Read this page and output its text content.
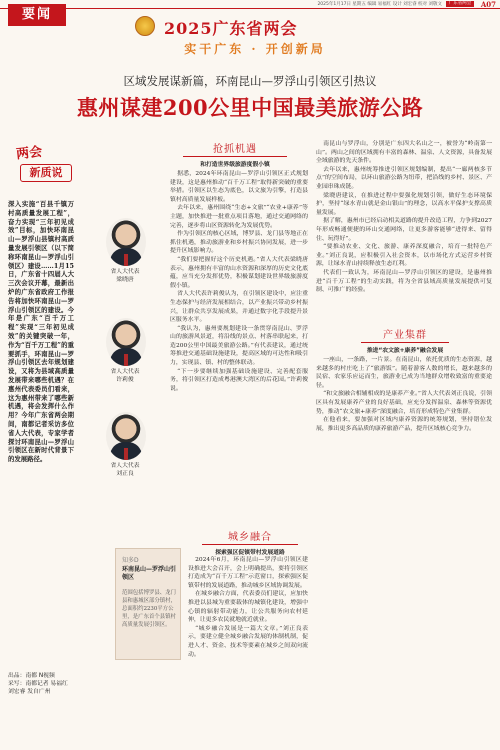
2025年1月17日 星期五 编辑 易福红 设计 刘宏睿 校对 刘敬文	广东省两会	A07
要闻
2025广东省两会
实干广东 · 开创新局
区域发展谋新篇，环南昆山—罗浮山引领区引热议
惠州谋建200公里中国最美旅游公路
两会
新质说
深入实施“百县千镇万村高质量发展工程”，奋力实现“三年初见成效”目标，加快环南昆山—罗浮山县镇村高质量发展引领区（以下简称环南昆山—罗浮山引领区）建设……1月15日，广东省十四届人大三次会议开幕，最新出炉的广东省政府工作报告将加快环南昆山—罗浮山引领区的建设。今年是广东“百千万工程”实现“三年初见成效”的关键突破一年，作为“百千万工程”的重要抓手，环南昆山—罗浮山引领区去年规划建设，又将为县域高质量发展带来哪些机遇？在惠州代表委员们看来，这为惠州带来了哪些新机遇，将会发挥什么作用？今年广东省两会期间，南都记者采访多位省人大代表，专家学者探讨环南昆山—罗浮山引领区在新时代背景下的发展路径。
出品：南都 N视频
采写：南都记者 易福红 刘宏睿 发自广州
抢抓机遇
和打造世界级旅游度假小镇
省人大代表
梁晓唐
省人大代表
许莉俊
省人大代表
刘正良

据悉，2024年环南昆山—罗浮山引领区正式规划建设，这是惠州推动“百千万工程”取得新突破的重要举措。引领区以生态为底色，以文旅为引擎，打造县镇村高质量发展样板。

去年以来，惠州围绕“生态+文旅”“农业+康养”等主题，加快推进一批重点项目落地，通过交通网络的完善，逐步将山区资源转化为发展优势。

作为引领区的核心区域，博罗县、龙门县等地正在抓住机遇，推动旅游业和乡村振兴协同发展，进一步提升区域影响力。

“我们要把握好这个历史机遇。”省人大代表梁晓唐表示，惠州拥有丰富的山水资源和深厚的历史文化底蕴，应当充分发挥优势，积极谋划建设世界级旅游度假小镇。

省人大代表许莉俊认为，在引领区建设中，应注重生态保护与经济发展相结合，以产业振兴带动乡村振兴，让群众共享发展成果，并通过数字化手段提升景区服务水平。

“我认为，惠州要规划建设一条贯穿南昆山、罗浮山的旅游风景道，将沿线的景点、村落串联起来，打造200公里中国最美旅游公路。”有代表建议，通过统筹推进交通基础设施建设，提高区域的可达性和吸引力，实现县、镇、村的整体联动。

“下一步要继续加强基础设施建设、完善配套服务，将引领区打造成粤港澳大湾区的后花园。”许莉俊说。

城乡融合
探索强区促镇带村发展道路
知多D
环南昆山—罗浮山引领区
范围包括博罗县、龙门县和惠城区部分镇村，总面积约2230平方公里，是广东首个县镇村高质量发展引领区。

2024年6月，环南昆山—罗浮山引领区建设推进大会召开，会上明确提出，要将引领区打造成为“百千万工程”示范窗口，探索强区促镇带村的发展道路，推动城乡区域协调发展。

在城乡融合方面，代表委员们建议，应加快推进以县城为重要载体的城镇化建设，增强中心镇的辐射带动能力，让公共服务向农村延伸，让更多农民就地就近就业。

“城乡融合发展是一篇大文章。”刘正良表示，要建立健全城乡融合发展的体制机制，促进人才、资金、技术等要素在城乡之间双向流动。

南昆山与罗浮山，分别是广东四大名山之一，被誉为“岭南第一山”。两山之间的区域拥有丰富的森林、温泉、人文资源，具备发展全域旅游的先天条件。

去年以来，惠州统筹推进引领区规划编制，提出“一廊两核多节点”的空间布局，以环山旅游公路为纽带，把沿线的乡村、景区、产业园串珠成链。

梁晓唐建议，在推进过程中要强化规划引领，做好生态环境保护，坚持“绿水青山就是金山银山”的理念，以高水平保护支撑高质量发展。

据了解，惠州市已经启动相关道路的提升改造工程，力争到2027年形成畅通便捷的环山交通网络，让更多游客能够“进得来、留得住、玩得好”。

“要推动农业、文化、旅游、康养深度融合，培育一批特色产业。”刘正良说，应积极引入社会资本，以市场化方式运营乡村资源，让绿水青山持续释放生态红利。

代表们一致认为，环南昆山—罗浮山引领区的建设，是惠州推进“百千万工程”的生动实践，将为全省县域高质量发展提供可复制、可推广的经验。

产业集群
推进“农文旅+康养”融合发展

一座山，一条路，一片景。在南昆山，依托优质的生态资源，越来越多的村庄吃上了“旅游饭”。随着游客人数的增长，越来越多的民宿、农家乐应运而生，旅游业已成为当地群众增收致富的重要途径。

“和文旅融合相辅相成的是康养产业。”省人大代表刘正良说，引领区具有发展康养产业的良好基础，应充分发挥温泉、森林等资源优势，推动“农文旅+康养”深度融合，培育形成特色产业集群。

在他看来，要加强对区域内康养资源的统筹规划，坚持错位发展，推出更多高品质的康养旅游产品，提升区域核心竞争力。
